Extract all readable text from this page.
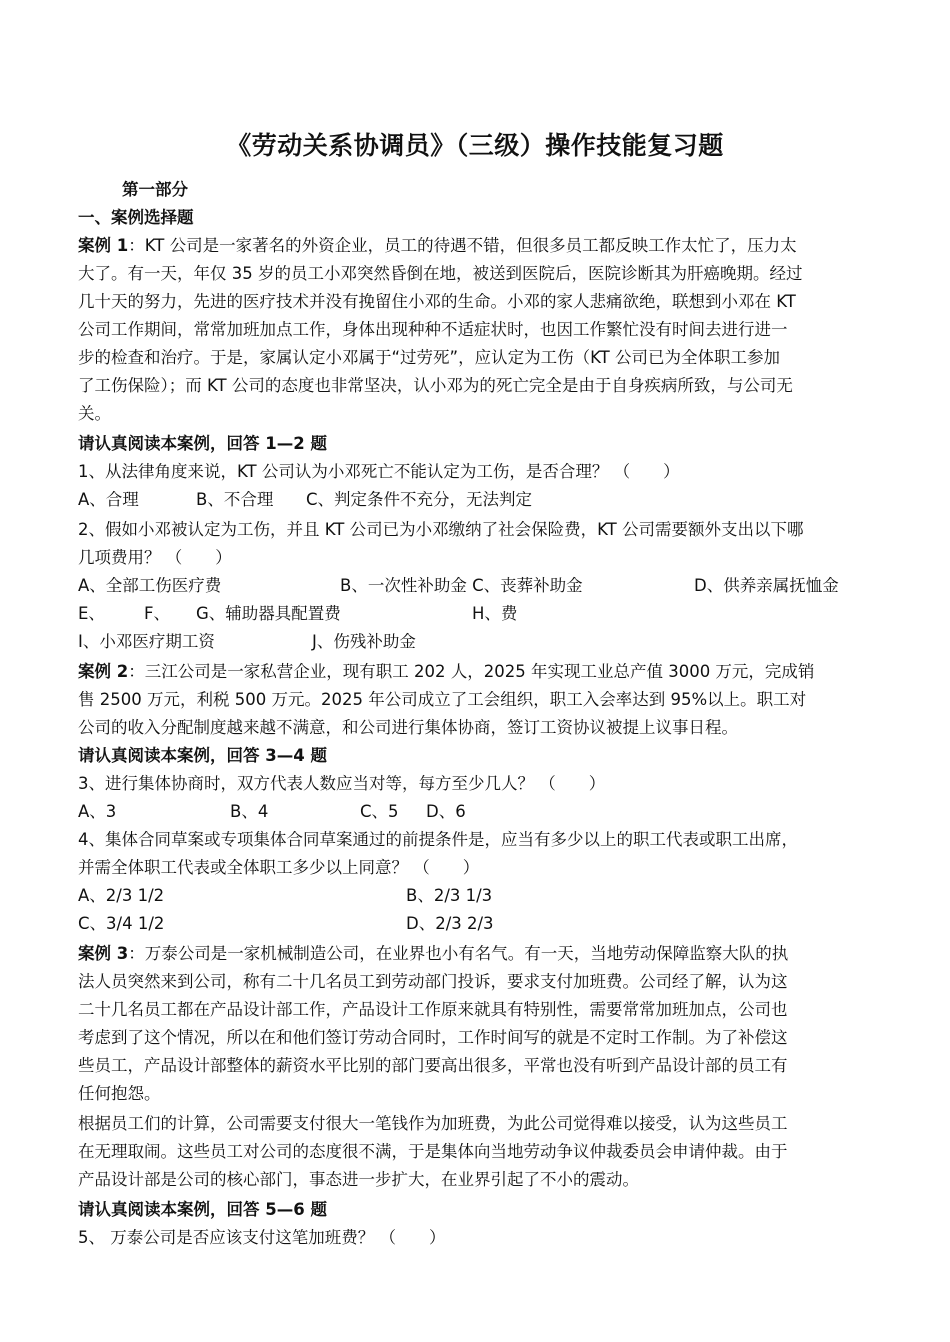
《劳动关系协调员》（三级）操作技能复习题
第一部分
一、案例选择题
案例 1：KT 公司是一家著名的外资企业，员工的待遇不错，但很多员工都反映工作太忙了，压力太
大了。有一天，年仅 35 岁的员工小邓突然昏倒在地，被送到医院后，医院诊断其为肝癌晚期。经过
几十天的努力，先进的医疗技术并没有挽留住小邓的生命。小邓的家人悲痛欲绝，联想到小邓在 KT
公司工作期间，常常加班加点工作，身体出现种种不适症状时，也因工作繁忙没有时间去进行进一
步的检查和治疗。于是，家属认定小邓属于“过劳死”，应认定为工伤（KT 公司已为全体职工参加
了工伤保险）；而 KT 公司的态度也非常坚决，认小邓为的死亡完全是由于自身疾病所致，与公司无
关。
请认真阅读本案例，回答 1—2 题
1、从法律角度来说，KT 公司认为小邓死亡不能认定为工伤，是否合理？ （　　）
A、合理	B、不合理 C、判定条件不充分，无法判定
2、假如小邓被认定为工伤，并且 KT 公司已为小邓缴纳了社会保险费，KT 公司需要额外支出以下哪
几项费用？ （　　）
A、全部工伤医疗费	B、一次性补助金 C、丧葬补助金	D、供养亲属抚恤金
E、 F、 G、辅助器具配置费	H、费
I、小邓医疗期工资	J、伤残补助金
案例 2：三江公司是一家私营企业，现有职工 202 人，2025 年实现工业总产值 3000 万元，完成销
售 2500 万元，利税 500 万元。2025 年公司成立了工会组织，职工入会率达到 95%以上。职工对
公司的收入分配制度越来越不满意，和公司进行集体协商，签订工资协议被提上议事日程。
请认真阅读本案例，回答 3—4 题
3、进行集体协商时，双方代表人数应当对等，每方至少几人？ （　　）
A、3	B、4	C、5 D、6
4、集体合同草案或专项集体合同草案通过的前提条件是，应当有多少以上的职工代表或职工出席，
并需全体职工代表或全体职工多少以上同意？ （　　）
A、2/3 1/2	B、2/3 1/3
C、3/4 1/2	D、2/3 2/3
案例 3：万泰公司是一家机械制造公司，在业界也小有名气。有一天，当地劳动保障监察大队的执
法人员突然来到公司，称有二十几名员工到劳动部门投诉，要求支付加班费。公司经了解，认为这
二十几名员工都在产品设计部工作，产品设计工作原来就具有特别性，需要常常加班加点，公司也
考虑到了这个情况，所以在和他们签订劳动合同时，工作时间写的就是不定时工作制。为了补偿这
些员工，产品设计部整体的薪资水平比别的部门要高出很多，平常也没有听到产品设计部的员工有
任何抱怨。
根据员工们的计算，公司需要支付很大一笔钱作为加班费，为此公司觉得难以接受，认为这些员工
在无理取闹。这些员工对公司的态度很不满，于是集体向当地劳动争议仲裁委员会申请仲裁。由于
产品设计部是公司的核心部门，事态进一步扩大，在业界引起了不小的震动。
请认真阅读本案例，回答 5—6 题
5、 万泰公司是否应该支付这笔加班费？ （　　）
